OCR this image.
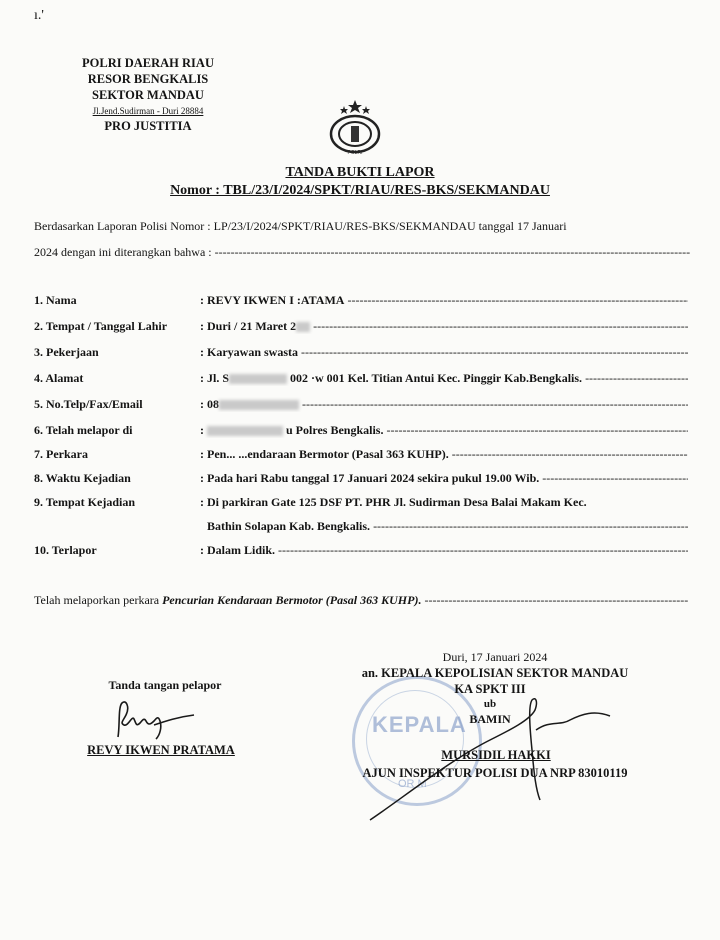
ı.'
POLRI DAERAH RIAU
RESOR BENGKALIS
SEKTOR MANDAU
Jl.Jend.Sudirman - Duri 28884
PRO JUSTITIA
POLRI
TANDA BUKTI LAPOR
Nomor : TBL/23/I/2024/SPKT/RIAU/RES-BKS/SEKMANDAU
Berdasarkan Laporan Polisi Nomor : LP/23/I/2024/SPKT/RIAU/RES-BKS/SEKMANDAU tanggal 17 Januari
2024 dengan ini diterangkan bahwa : -----
1. Nama	: REVY IKWEN I :ATAMA -----
2. Tempat / Tanggal Lahir	: Duri / 21 Maret 2 -----
3. Pekerjaan	: Karyawan swasta -----
4. Alamat	: Jl. S	002 ·w 001 Kel. Titian Antui Kec. Pinggir Kab.Bengkalis. -----
5. No.Telp/Fax/Email	: 08 -----
6. Telah melapor di	:	u Polres Bengkalis. -----
7. Perkara	: Pen... ...endaraan Bermotor (Pasal 363 KUHP). -----
8. Waktu Kejadian	: Pada hari Rabu tanggal 17 Januari 2024 sekira pukul 19.00 Wib. -----
9. Tempat Kejadian	: Di parkiran Gate 125 DSF PT. PHR Jl. Sudirman Desa Balai Makam Kec.
Bathin Solapan Kab. Bengkalis. -----
10. Terlapor	: Dalam Lidik. -----
Telah melaporkan perkara Pencurian Kendaraan Bermotor (Pasal 363 KUHP). -----
KEPALA
OR M
Tanda tangan pelapor
REVY IKWEN PRATAMA
Duri, 17 Januari 2024
an. KEPALA KEPOLISIAN SEKTOR MANDAU
KA SPKT III
ub
BAMIN
MURSIDIL HAKKI
AJUN INSPEKTUR POLISI DUA NRP 83010119
